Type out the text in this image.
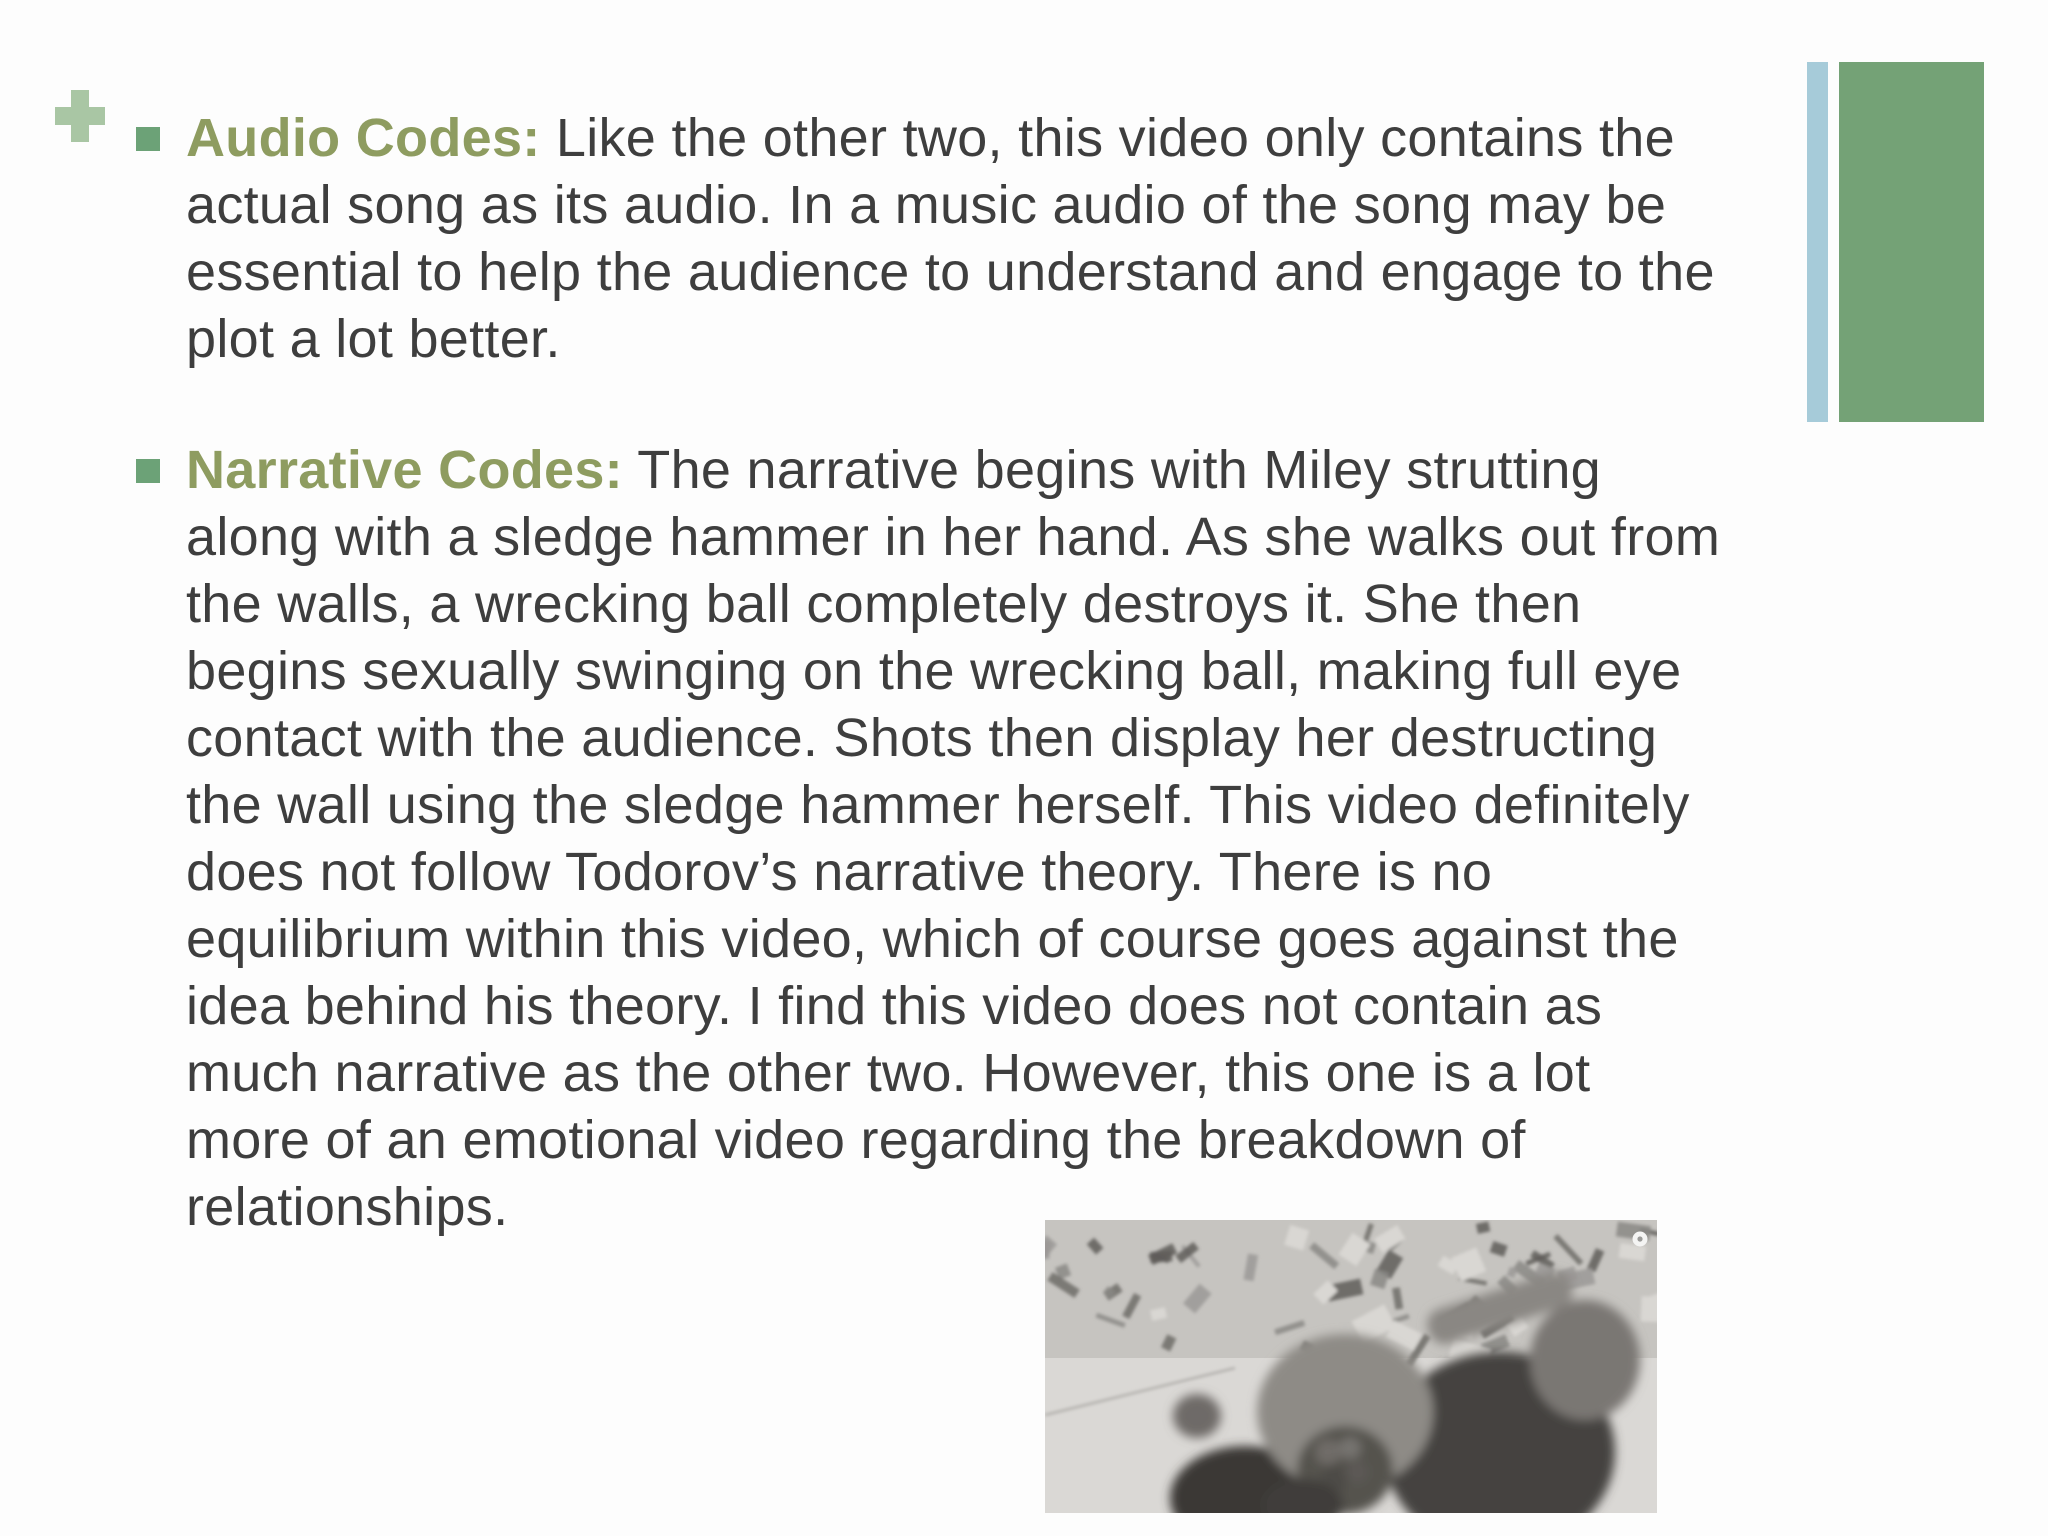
Audio Codes: Like the other two, this video only contains the
actual song as its audio. In a music audio of the song may be
essential to help the audience to understand and engage to the
plot a lot better.
Narrative Codes: The narrative begins with Miley strutting
along with a sledge hammer in her hand. As she walks out from
the walls, a wrecking ball completely destroys it. She then
begins sexually swinging on the wrecking ball, making full eye
contact with the audience. Shots then display her destructing
the wall using the sledge hammer herself. This video definitely
does not follow Todorov’s narrative theory. There is no
equilibrium within this video, which of course goes against the
idea behind his theory. I find this video does not contain as
much narrative as the other two. However, this one is a lot
more of an emotional video regarding the breakdown of
relationships.
